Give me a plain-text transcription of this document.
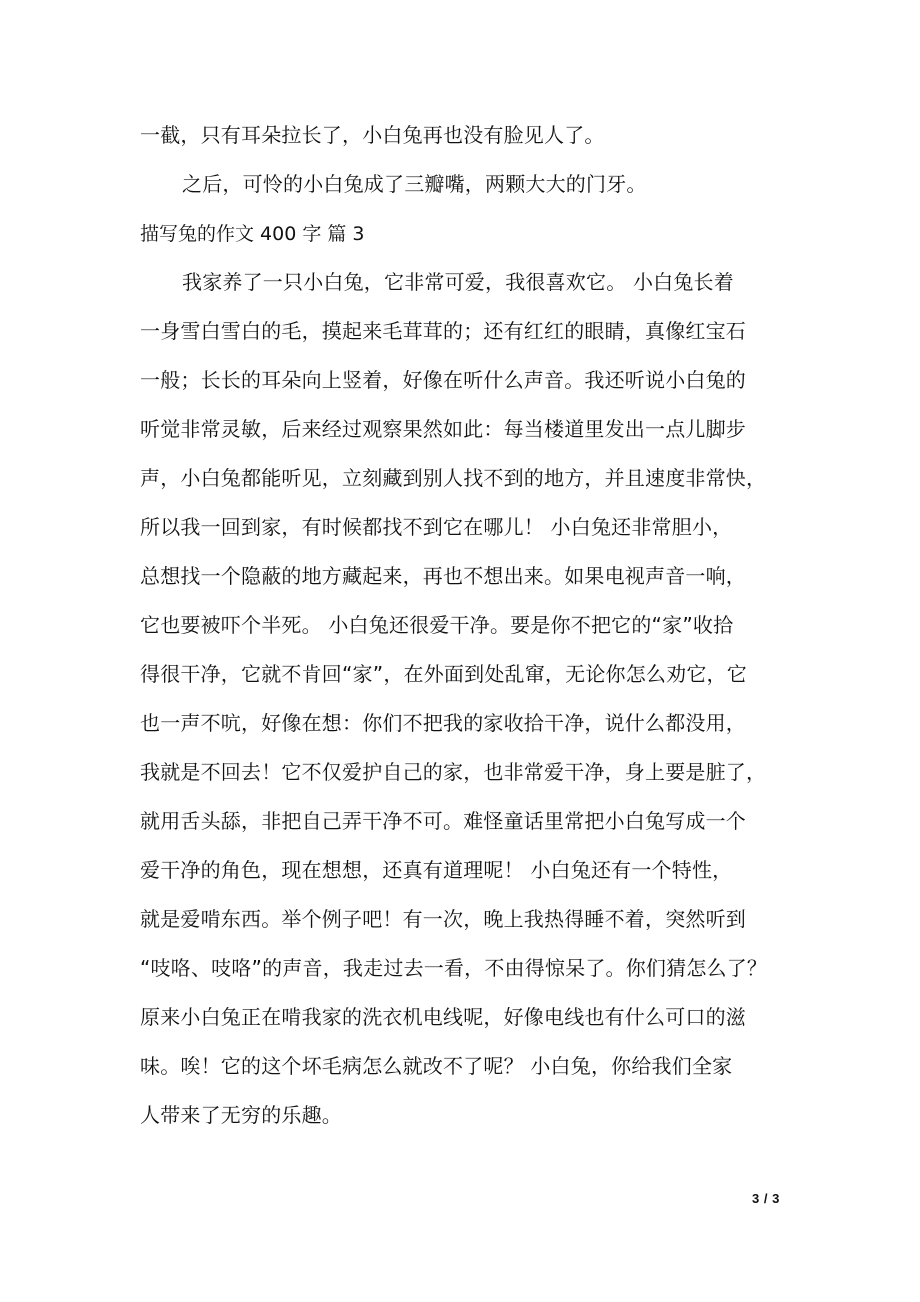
一截，只有耳朵拉长了，小白兔再也没有脸见人了。
之后，可怜的小白兔成了三瓣嘴，两颗大大的门牙。
描写兔的作文 400 字 篇 3
我家养了一只小白兔，它非常可爱，我很喜欢它。 小白兔长着
一身雪白雪白的毛，摸起来毛茸茸的；还有红红的眼睛，真像红宝石
一般；长长的耳朵向上竖着，好像在听什么声音。我还听说小白兔的
听觉非常灵敏，后来经过观察果然如此：每当楼道里发出一点儿脚步
声，小白兔都能听见，立刻藏到别人找不到的地方，并且速度非常快，
所以我一回到家，有时候都找不到它在哪儿！ 小白兔还非常胆小，
总想找一个隐蔽的地方藏起来，再也不想出来。如果电视声音一响，
它也要被吓个半死。 小白兔还很爱干净。要是你不把它的“家”收拾
得很干净，它就不肯回“家”，在外面到处乱窜，无论你怎么劝它，它
也一声不吭，好像在想：你们不把我的家收拾干净，说什么都没用，
我就是不回去！它不仅爱护自己的家，也非常爱干净，身上要是脏了，
就用舌头舔，非把自己弄干净不可。难怪童话里常把小白兔写成一个
爱干净的角色，现在想想，还真有道理呢！ 小白兔还有一个特性，
就是爱啃东西。举个例子吧！有一次，晚上我热得睡不着，突然听到
“吱咯、吱咯”的声音，我走过去一看，不由得惊呆了。你们猜怎么了？
原来小白兔正在啃我家的洗衣机电线呢，好像电线也有什么可口的滋
味。唉！它的这个坏毛病怎么就改不了呢？ 小白兔，你给我们全家
人带来了无穷的乐趣。
3 / 3
